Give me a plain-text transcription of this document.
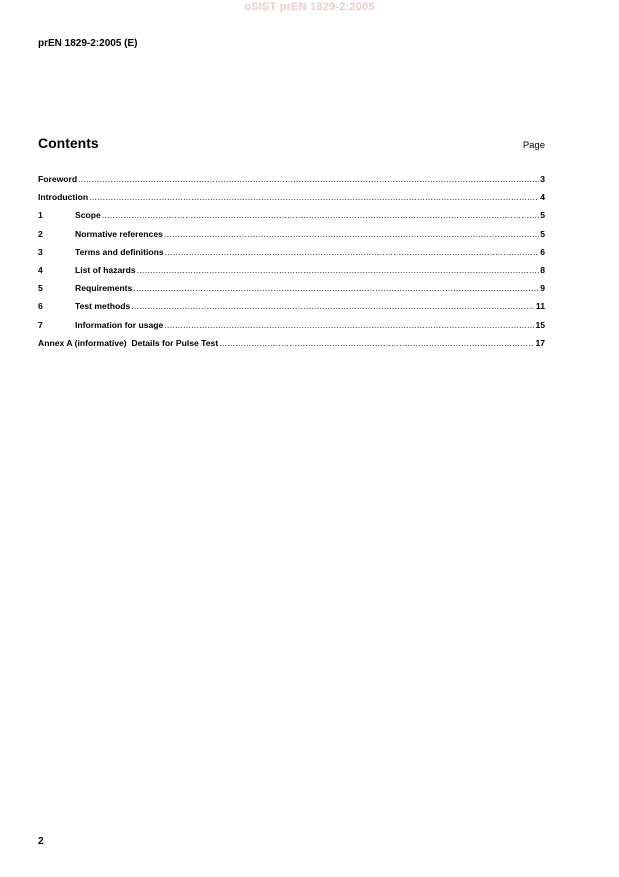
oSIST prEN 1829-2:2005
prEN 1829-2:2005 (E)
Contents	Page
Foreword .....	3
Introduction .....	4
1	Scope .....	5
2	Normative references .....	5
3	Terms and definitions .....	6
4	List of hazards .....	8
5	Requirements .....	9
6	Test methods .....	11
7	Information for usage .....	15
Annex A (informative)  Details for Pulse Test .....	17
2
